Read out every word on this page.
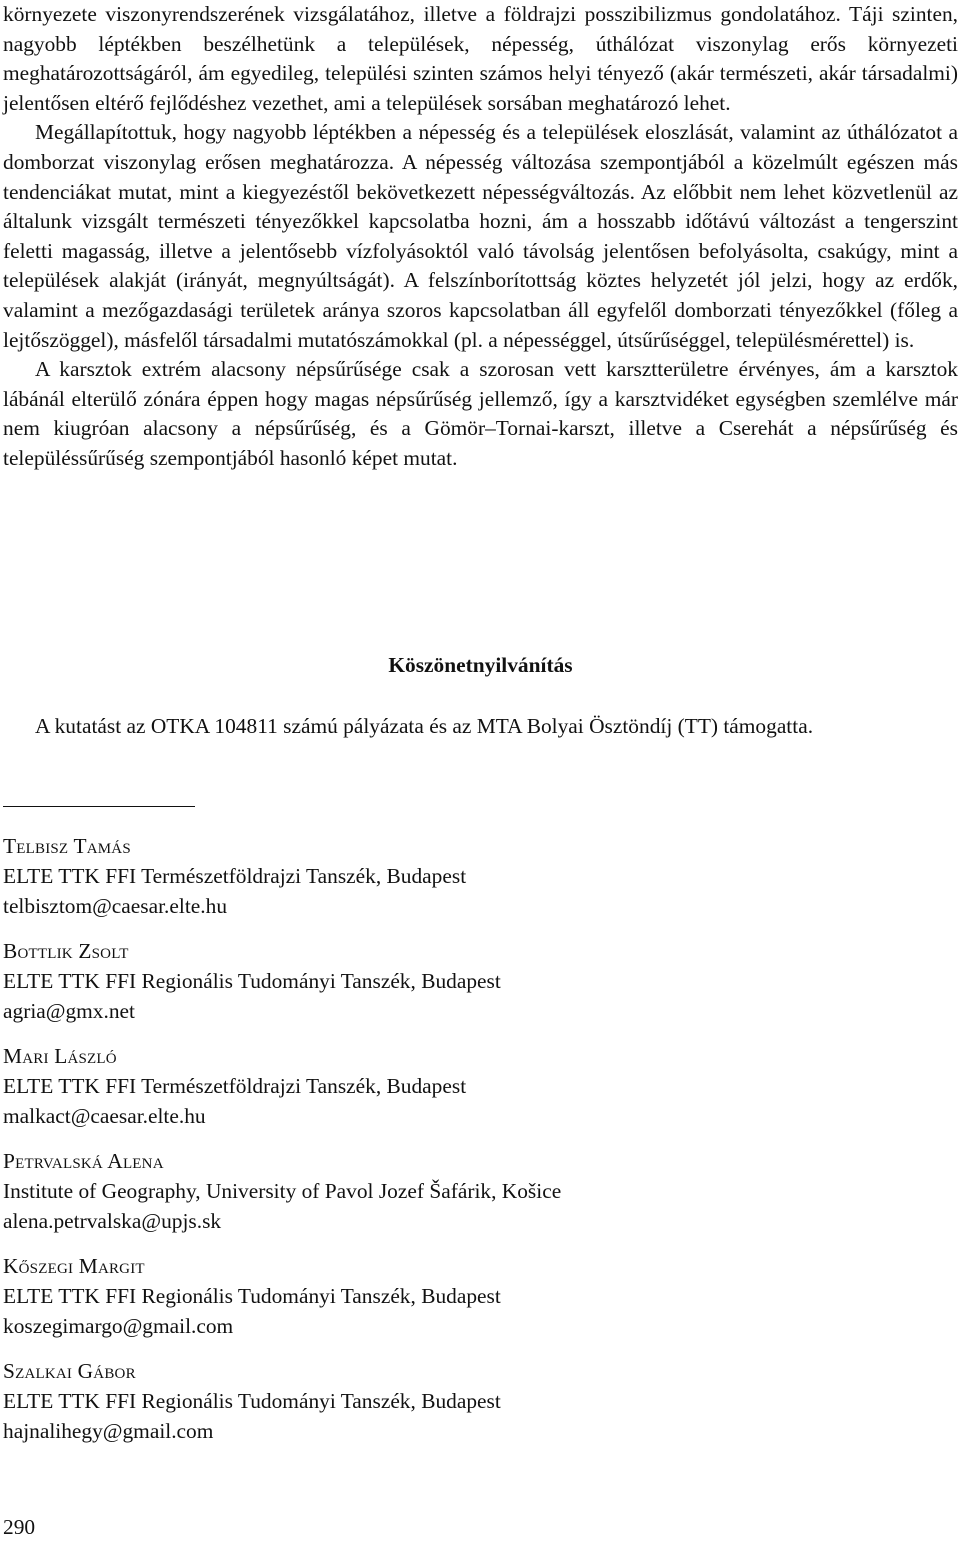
környezete viszonyrendszerének vizsgálatához, illetve a földrajzi posszibilizmus gondolatához. Táji szinten, nagyobb léptékben beszélhetünk a települések, népesség, úthálózat viszonylag erős környezeti meghatározottságáról, ám egyedileg, települési szinten számos helyi tényező (akár természeti, akár társadalmi) jelentősen eltérő fejlődéshez vezethet, ami a települések sorsában meghatározó lehet.

Megállapítottuk, hogy nagyobb léptékben a népesség és a települések eloszlását, valamint az úthálózatot a domborzat viszonylag erősen meghatározza. A népesség változása szempontjából a közelmúlt egészen más tendenciákat mutat, mint a kiegyezéstől bekövetkezett népességváltozás. Az előbbit nem lehet közvetlenül az általunk vizsgált természeti tényezőkkel kapcsolatba hozni, ám a hosszabb időtávú változást a tengerszint feletti magasság, illetve a jelentősebb vízfolyásoktól való távolság jelentősen befolyásolta, csakúgy, mint a települések alakját (irányát, megnyúltságát). A felszínborítottság köztes helyzetét jól jelzi, hogy az erdők, valamint a mezőgazdasági területek aránya szoros kapcsolatban áll egyfelől domborzati tényezőkkel (főleg a lejtőszöggel), másfelől társadalmi mutatószámokkal (pl. a népességgel, útsűrűséggel, településmérettel) is.

A karsztok extrém alacsony népsűrűsége csak a szorosan vett karsztterületre érvényes, ám a karsztok lábánál elterülő zónára éppen hogy magas népsűrűség jellemző, így a karsztvidéket egységben szemlélve már nem kiugróan alacsony a népsűrűség, és a Gömör–Tornai-karszt, illetve a Cserehát a népsűrűség és településsűrűség szempontjából hasonló képet mutat.

Köszönetnyilvánítás
A kutatást az OTKA 104811 számú pályázata és az MTA Bolyai Ösztöndíj (TT) támogatta.
Telbisz Tamás
ELTE TTK FFI Természetföldrajzi Tanszék, Budapest
telbisztom@caesar.elte.hu
Bottlik Zsolt
ELTE TTK FFI Regionális Tudományi Tanszék, Budapest
agria@gmx.net
Mari László
ELTE TTK FFI Természetföldrajzi Tanszék, Budapest
malkact@caesar.elte.hu
Petrvalská Alena
Institute of Geography, University of Pavol Jozef Šafárik, Košice
alena.petrvalska@upjs.sk
Kőszegi Margit
ELTE TTK FFI Regionális Tudományi Tanszék, Budapest
koszegimargo@gmail.com
Szalkai Gábor
ELTE TTK FFI Regionális Tudományi Tanszék, Budapest
hajnalihegy@gmail.com
290
